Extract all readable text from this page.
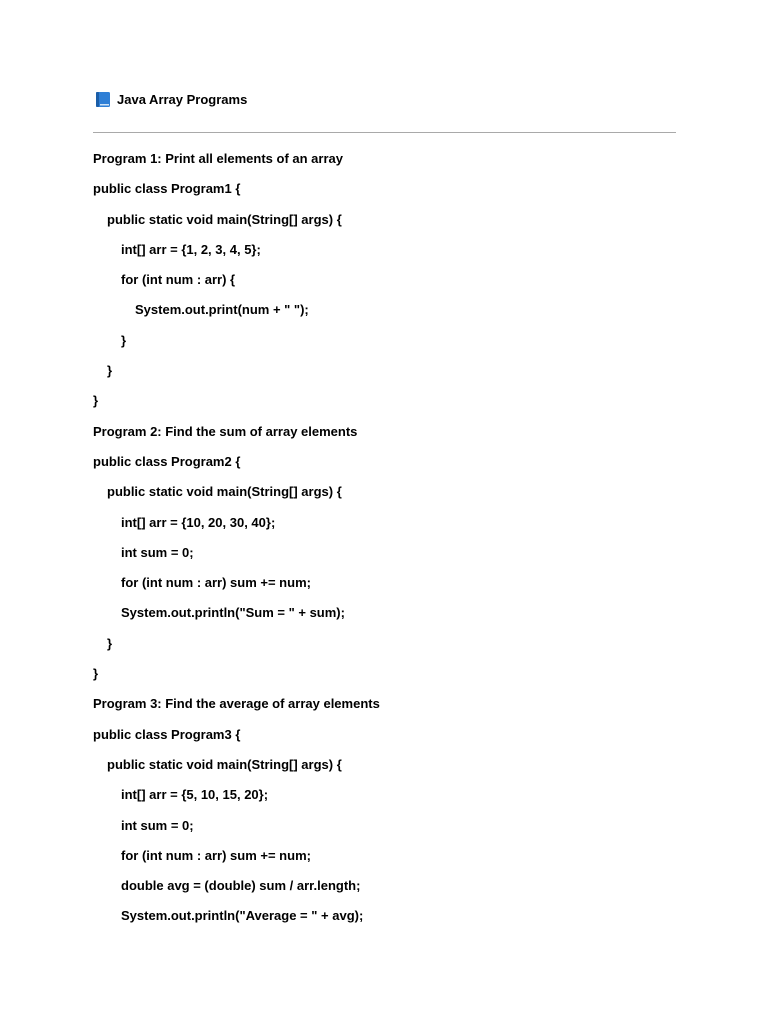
Java Array Programs
Program 1: Print all elements of an array
public class Program1 {
public static void main(String[] args) {
int[] arr = {1, 2, 3, 4, 5};
for (int num : arr) {
System.out.print(num + " ");
}
}
}
Program 2: Find the sum of array elements
public class Program2 {
public static void main(String[] args) {
int[] arr = {10, 20, 30, 40};
int sum = 0;
for (int num : arr) sum += num;
System.out.println("Sum = " + sum);
}
}
Program 3: Find the average of array elements
public class Program3 {
public static void main(String[] args) {
int[] arr = {5, 10, 15, 20};
int sum = 0;
for (int num : arr) sum += num;
double avg = (double) sum / arr.length;
System.out.println("Average = " + avg);
